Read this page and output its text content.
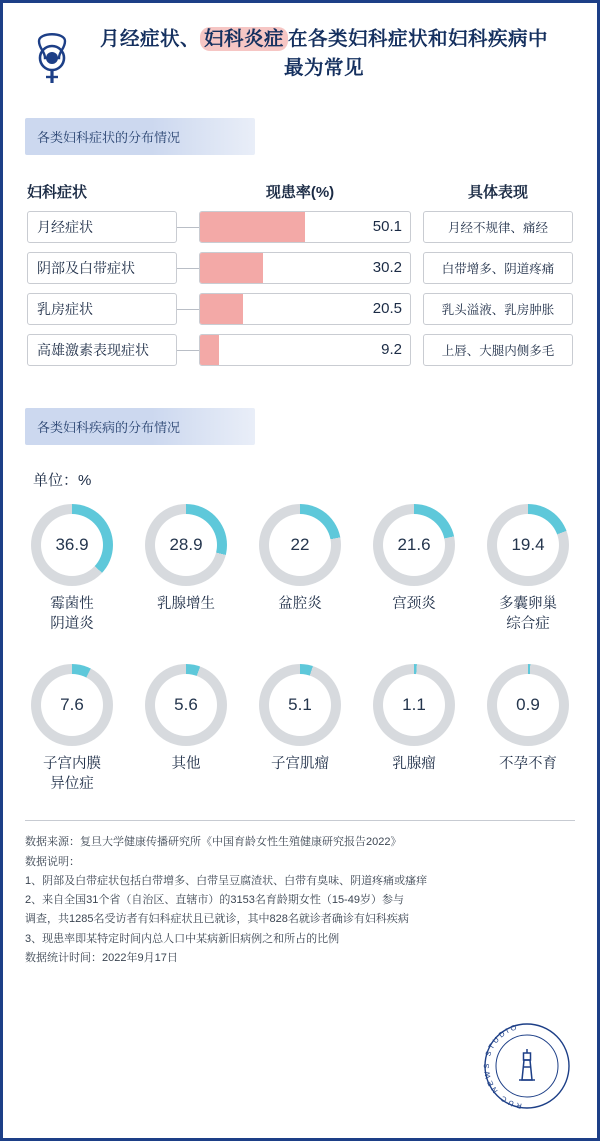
月经症状、 妇科炎症 在各类妇科症状和妇科疾病中
最为常见
各类妇科症状的分布情况
妇科症状	现患率(%)	具体表现
月经症状	50.1	月经不规律、痛经
阴部及白带症状	30.2	白带增多、阴道疼痛
乳房症状	20.5	乳头溢液、乳房肿胀
高雄激素表现症状	9.2	上唇、大腿内侧多毛
各类妇科疾病的分布情况
单位：%
36.9
霉菌性
阴道炎
28.9
乳腺增生
22
盆腔炎
21.6
宫颈炎
19.4
多囊卵巢
综合症
7.6
子宫内膜
异位症
5.6
其他
5.1
子宫肌瘤
1.1
乳腺瘤
0.9
不孕不育
数据来源：复旦大学健康传播研究所《中国育龄女性生殖健康研究报告2022》
数据说明：
1、阴部及白带症状包括白带增多、白带呈豆腐渣状、白带有臭味、阴道疼痛或瘙痒
2、来自全国31个省（自治区、直辖市）的3153名育龄期女性（15-49岁）参与
调查，共1285名受访者有妇科症状且已就诊，其中828名就诊者确诊有妇科疾病
3、现患率即某特定时间内总人口中某病新旧病例之和所占的比例
数据统计时间：2022年9月17日
RUC NEWS STUDIO
